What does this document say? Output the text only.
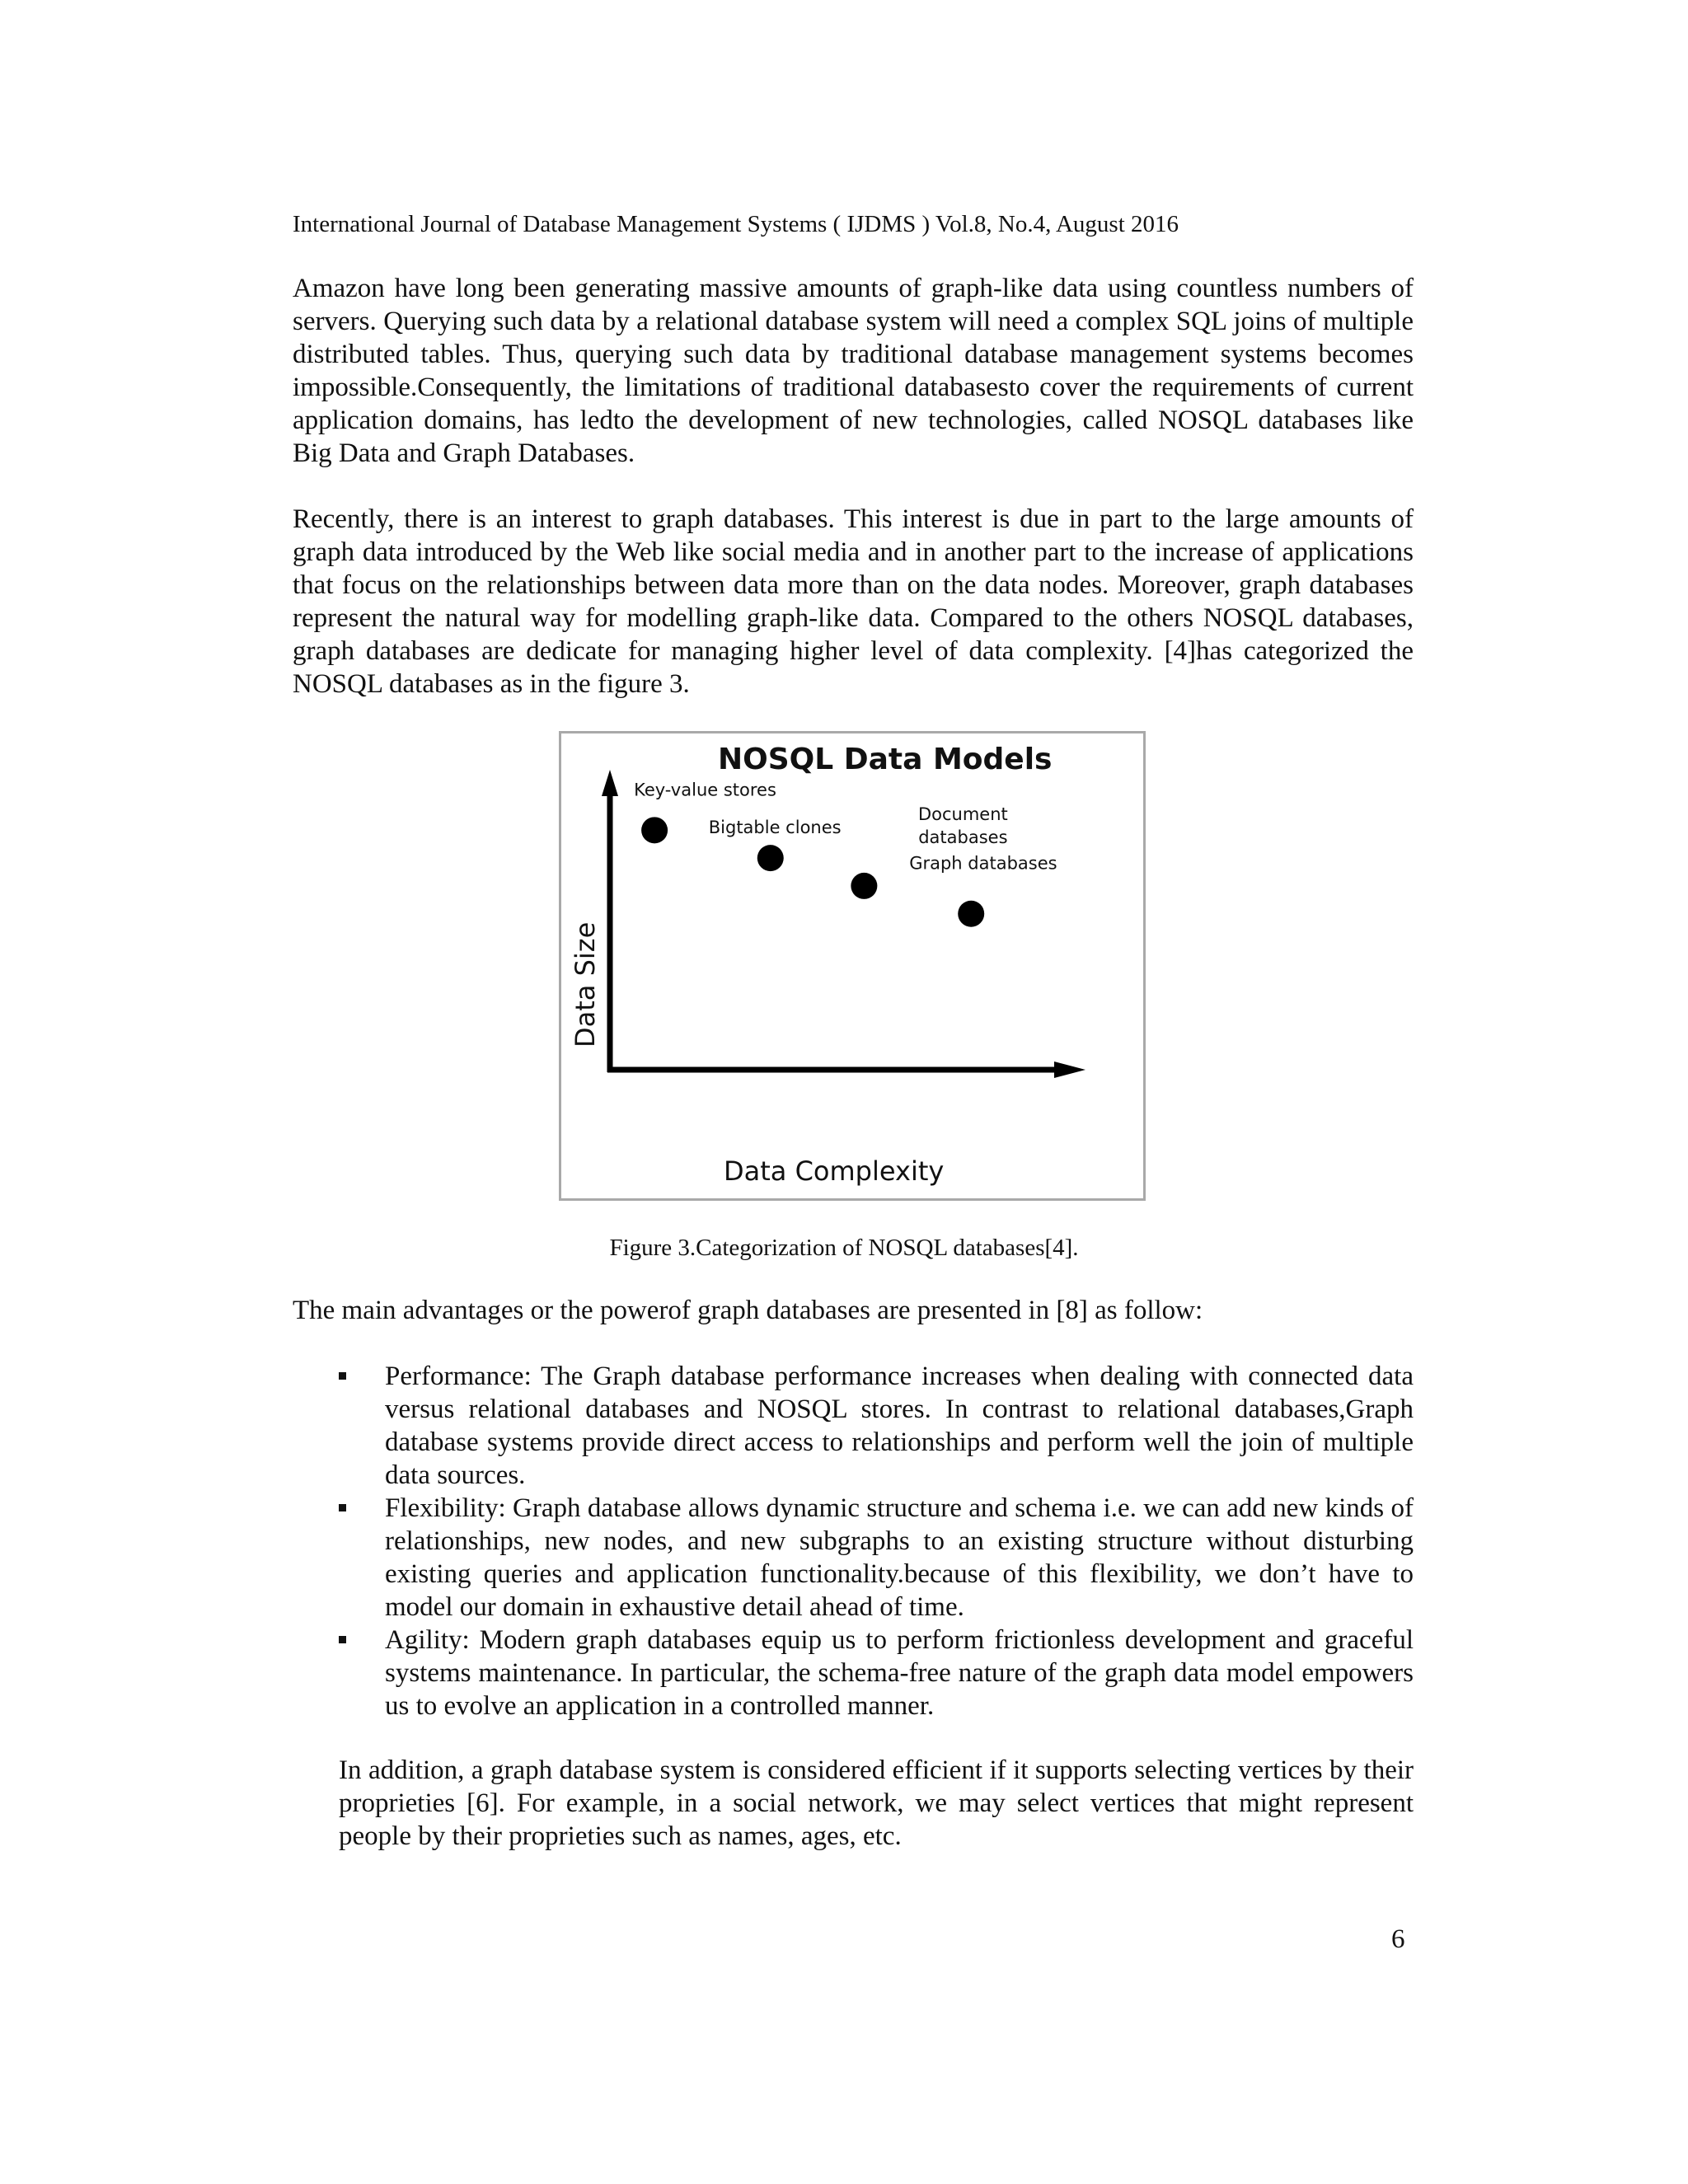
International Journal of Database Management Systems ( IJDMS ) Vol.8, No.4, August 2016

Amazon have long been generating massive amounts of graph-like data using countless numbers of servers. Querying such data by a relational database system will need a complex SQL joins of multiple distributed tables. Thus, querying such data by traditional database management systems becomes impossible.Consequently, the limitations of traditional databasesto cover the requirements of current application domains, has ledto the development of new technologies, called NOSQL databases like Big Data and Graph Databases.

Recently, there is an interest to graph databases. This interest is due in part to the large amounts of graph data introduced by the Web like social media and in another part to the increase of applications that focus on the relationships between data more than on the data nodes. Moreover, graph databases represent the natural way for modelling graph-like data. Compared to the others NOSQL databases, graph databases are dedicate for managing higher level of data complexity. [4]has categorized the NOSQL databases as in the figure 3.

NOSQL Data Models
Data Complexity
Data Size
Key-value stores
Bigtable clones
Document databases
Graph databases
Figure 3.Categorization of NOSQL databases[4].

The main advantages or the powerof graph databases are presented in [8] as follow:

Performance: The Graph database performance increases when dealing with connected data versus relational databases and NOSQL stores. In contrast to relational databases,Graph database systems provide direct access to relationships and perform well the join of multiple data sources.
Flexibility: Graph database allows dynamic structure and schema i.e. we can add new kinds of relationships, new nodes, and new subgraphs to an existing structure without disturbing existing queries and application functionality.because of this flexibility, we don’t have to model our domain in exhaustive detail ahead of time.
Agility: Modern graph databases equip us to perform frictionless development and graceful systems maintenance. In particular, the schema-free nature of the graph data model empowers us to evolve an application in a controlled manner.

In addition, a graph database system is considered efficient if it supports selecting vertices by their proprieties [6]. For example, in a social network, we may select vertices that might represent people by their proprieties such as names, ages, etc.

6
